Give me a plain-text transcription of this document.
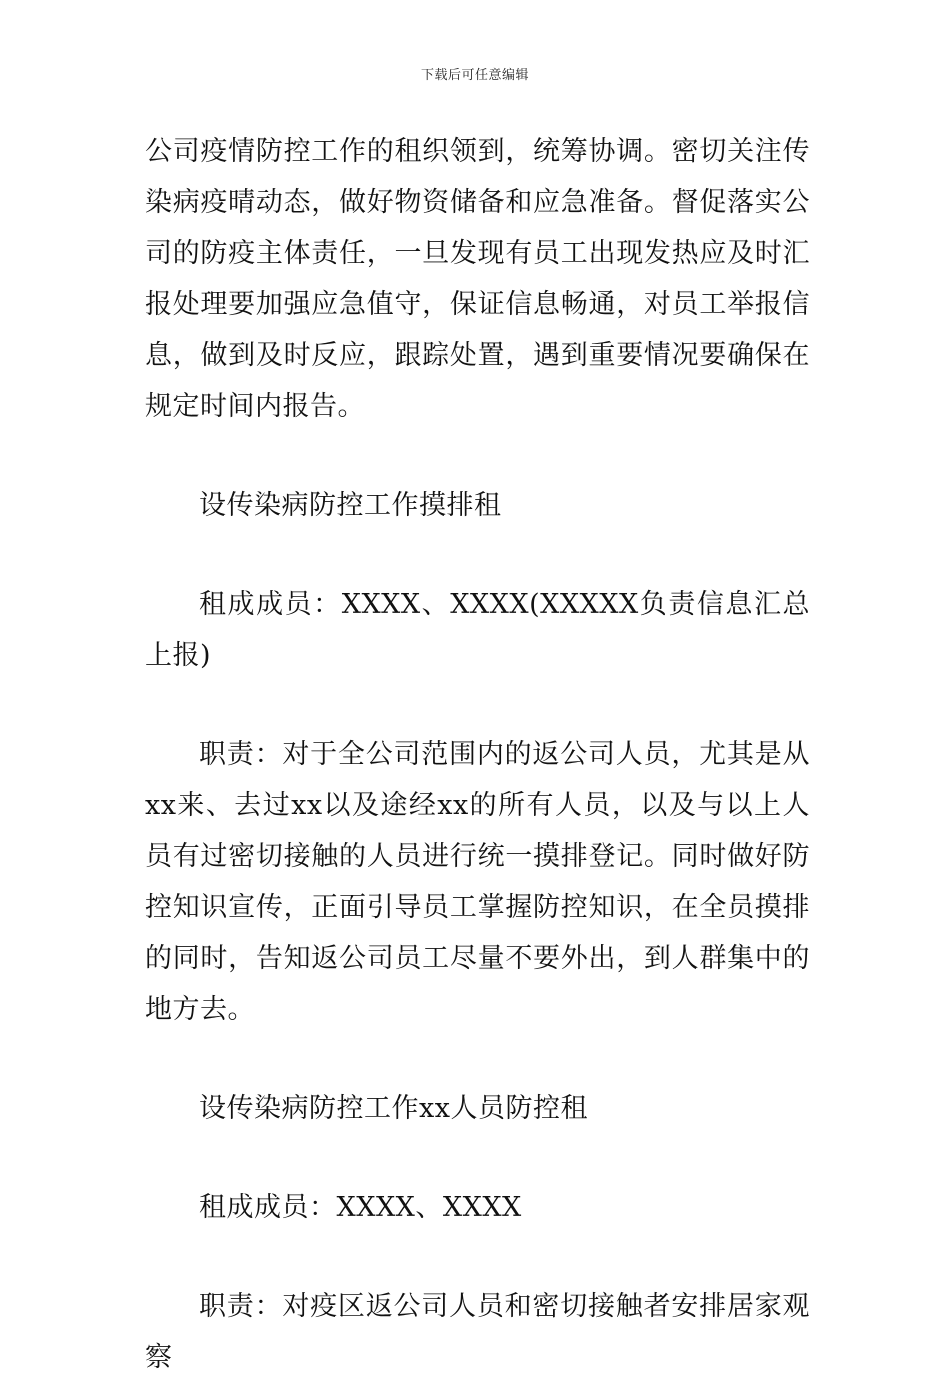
下载后可任意编辑

公司疫情防控工作的租织领到，统筹协调。密切关注传染病疫晴动态，做好物资储备和应急准备。督促落实公司的防疫主体责任，一旦发现有员工出现发热应及时汇报处理要加强应急值守，保证信息畅通，对员工举报信息，做到及时反应，跟踪处置，遇到重要情况要确保在规定时间内报告。

设传染病防控工作摸排租

租成成员：XXXX、XXXX(XXXXX负责信息汇总上报)

职责：对于全公司范围内的返公司人员，尤其是从xx来、去过xx以及途经xx的所有人员，以及与以上人员有过密切接触的人员进行统一摸排登记。同时做好防控知识宣传，正面引导员工掌握防控知识，在全员摸排的同时，告知返公司员工尽量不要外出，到人群集中的地方去。

设传染病防控工作xx人员防控租

租成成员：XXXX、XXXX

职责：对疫区返公司人员和密切接触者安排居家观察
